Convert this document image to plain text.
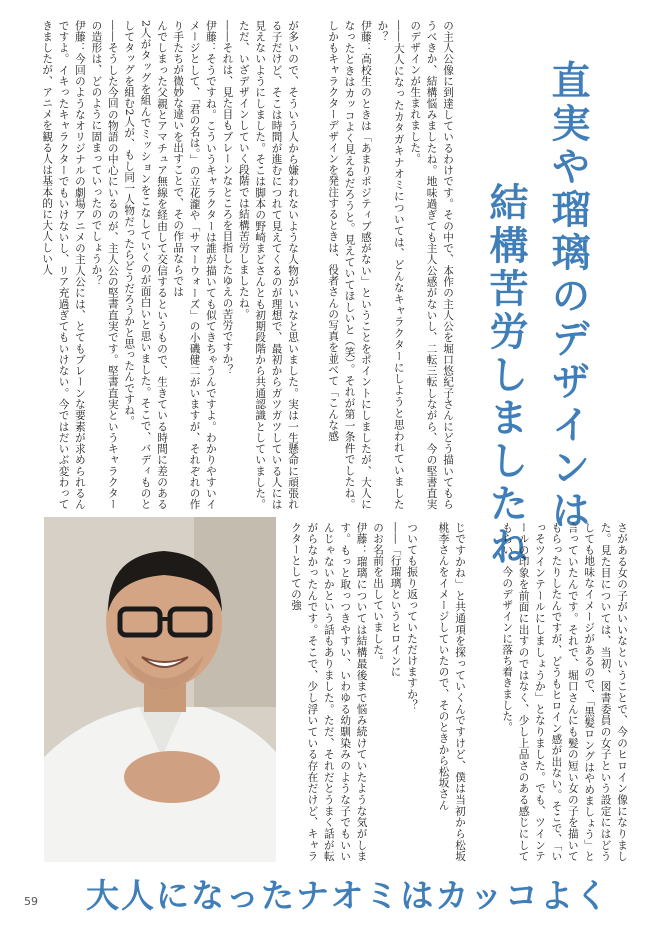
直実や瑠璃のデザインは
結構苦労しましたね
の主人公像に到達しているわけです。その中で、本作の主人公を堀口悠紀子さんにどう描いてもらうべきか、結構悩みましたね。地味過ぎても主人公感がないし、二転三転しながら、今の堅書直実のデザインが生まれました。
――大人になったカタガキナオミについては、どんなキャラクターにしようと思われていましたか？
伊藤：高校生のときは「あまりポジティブ感がない」ということをポイントにしましたが、大人になったときはカッコよく見えるだろうと。見えていてほしいと（笑）。それが第一条件でしたね。しかもキャラクターデザインを発注するときは、役者さんの写真を並べて「こんな感
が多いので、そういう人から嫌われないような人物がいいなと思いました。実は一生懸命に頑張れる子だけど、そこは時間が進むにつれて見えてくるのが理想で、最初からガツガツしている人には見えないようにしました。そこは脚本の野崎まどさんとも初期段階から共通認識としていました。ただ、いざデザインしていく段階では結構苦労しましたね。
――それは、見た目もブレーンなところを目指したゆえの苦労ですか？
伊藤：そうですね。こういうキャラクターは誰が描いても似てきちゃうんですよ。わかりやすいイメージとして、「君の名は。」の立花瀧や「サマーウォーズ」の小磯健二がいますが、それぞれの作り手たちが微妙な違いを出すことで、その作品ならでは
んでしまった父親とアマチュア無線を経由して交信するというもので、生きている時間に差のある2人がタッグを組んでミッションをこなしていくのが面白いと思いました。そこで、バディものとしてタッグを組む2人が、もし同一人物だったらどうだろうかと思ったんですね。
――そうした今回の物語の中心にいるのが、主人公の堅書直実です。堅書直実というキャラクターの造形は、どのように固まっていったのでしょうか？
伊藤：今回のようなオリジナルの劇場アニメの主人公には、とてもブレーンな要素が求められるんですよ。イキったキャラクターでもいけないし、リア充過ぎてもいけない。今ではだいぶ変わってきましたが、アニメを観る人は基本的に大人しい人
さがある女の子がいいなということで、今のヒロイン像になりました。見た目については、当初、図書委員の女子という設定にはどうしても地味なイメージがあるので、「黒髪ロングはやめましょう」と言っていたんです。それで、堀口さんにも髪の短い女の子を描いてもらったりしたんですが、どうもヒロイン感が出ない。そこで、「いっそツインテールにしましょうか」となりました。でも、ツインテールの印象を前面に出すのではなく、少し上品さのある感じにしてもらい、今のデザインに落ち着きました。
じですかね」と共通項を探っていくんですけど、僕は当初から松坂桃李さんをイメージしていたので、そのときから松坂さん
ついても振り返っていただけますか？
――「行瑠璃というヒロインに
のお名前を出していました。
伊藤：瑠璃については結構最後まで悩み続けていたような気がします。もっと取っつきやすい、いわゆる幼馴染みのような子でもいいんじゃないかという話もありました。ただ、それだとうまく話が転がらなかったんです。そこで、少し浮いている存在だけど、キャラクターとしての強
大人になったナオミはカッコよく
59
